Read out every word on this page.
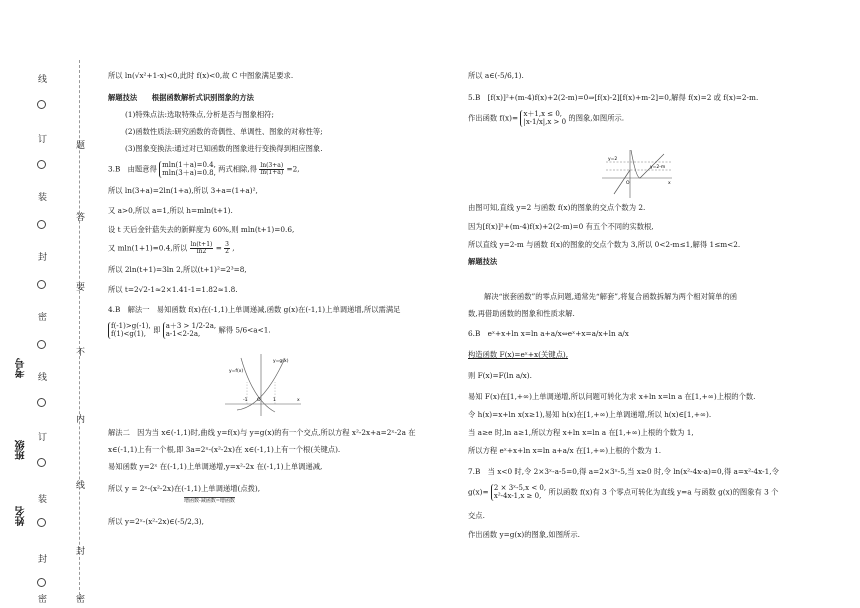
线
题
订
答
装
要
封
不
密
内
线
订
线
装
封
封
密	密
考号
班级
姓名
所以 ln(√x²+1-x)<0,此时 f(x)<0,故 C 中图象满足要求.
解题技法　　根据函数解析式识别图象的方法
(1)特殊点法:选取特殊点,分析是否与图象相符;
(2)函数性质法:研究函数的奇偶性、单调性、图象的对称性等;
(3)图象变换法:通过对已知函数的图象进行变换得到相应图象.
3.B　由题意得 mln(1＋a)=0.4,
mln(3＋a)=0.8, 两式相除,得 $\frac{\ln(3+a)}{\ln(1+a)} =2$,
所以 ln(3+a)=2ln(1+a),所以 3+a=(1+a)²,
又 a>0,所以 a=1,所以 h=mln(t+1).
设 t 天后金针菇失去的新鲜度为 60%,则 mln(t+1)=0.6,
又 mln(1+1)=0.4,所以 $\frac{\ln(t+1)}{\ln 2} = \frac{3}{2}$ ,
所以 2ln(t+1)=3ln 2,所以(t+1)²=2³=8,
所以 t=2√2-1≈2×1.41-1=1.82≈1.8.
4.B　解法一　易知函数 f(x)在(-1,1)上单调递减,函数 g(x)在(-1,1)上单调递增,所以需满足
f(-1)>g(-1),
f(1)<g(1), 即 a＋3 > 1/2-2a,
a-1<2-2a,	解得 5/6<a<1.
y=f(x)
y=g(x)
-1 O	1	x
解法二　因为当 x∈(-1,1)时,曲线 y=f(x)与 y=g(x)的有一个交点,所以方程 x²-2x+a=2ˣ-2a 在
x∈(-1,1)上有一个根,即 3a=2ˣ-(x²-2x)在 x∈(-1,1)上有一个根(关键点).
易知函数 y=2ˣ 在(-1,1)上单调递增,y=x²-2x 在(-1,1)上单调递减,
所以 y = 2ˣ-(x²-2x)在(-1,1)上单调递增(点拨),
增函数-减函数=增函数
所以 y=2ˣ-(x²-2x)∈(-5/2,3),
所以 a∈(-5/6,1).
5.B　[f(x)]²+(m-4)f(x)+2(2-m)=0⇒[f(x)-2][f(x)+m-2]=0,解得 f(x)=2 或 f(x)=2-m.
作出函数 f(x)= x＋1,x ≤ 0,
|x-1/x|,x > 0 的图象,如图所示.
y=2
y=2-m
O	x
由图可知,直线 y=2 与函数 f(x)的图象的交点个数为 2.
因为[f(x)]²+(m-4)f(x)+2(2-m)=0 有五个不同的实数根,
所以直线 y=2-m 与函数 f(x)的图象的交点个数为 3,所以 0<2-m≤1,解得 1≤m<2.
解题技法
解决“嵌套函数”的零点问题,通常先“解套”,将复合函数拆解为两个相对简单的函
数,再借助函数的图象和性质求解.
6.B　eˣ+x+ln x=ln a+a/x⇔eˣ+x=a/x+ln a/x
构造函数 F(x)=eˣ+x(关键点),
则 F(x)=F(ln a/x).
易知 F(x)在[1,+∞)上单调递增,所以问题可转化为求 x+ln x=ln a 在[1,+∞)上根的个数.
令 h(x)=x+ln x(x≥1),易知 h(x)在[1,+∞)上单调递增,所以 h(x)∈[1,+∞).
当 a≥e 时,ln a≥1,所以方程 x+ln x=ln a 在[1,+∞)上根的个数为 1,
所以方程 eˣ+x+ln x=ln a+a/x 在[1,+∞)上根的个数为 1.
7.B　当 x<0 时,令 2×3ˣ-a-5=0,得 a=2×3ˣ-5,当 x≥0 时,令 ln(x²-4x-a)=0,得 a=x²-4x-1,令
g(x)= 2 × 3ˣ-5,x < 0,
x²-4x-1,x ≥ 0, 所以函数 f(x)有 3 个零点可转化为直线 y=a 与函数 g(x)的图象有 3 个
交点.
作出函数 y=g(x)的图象,如图所示.
